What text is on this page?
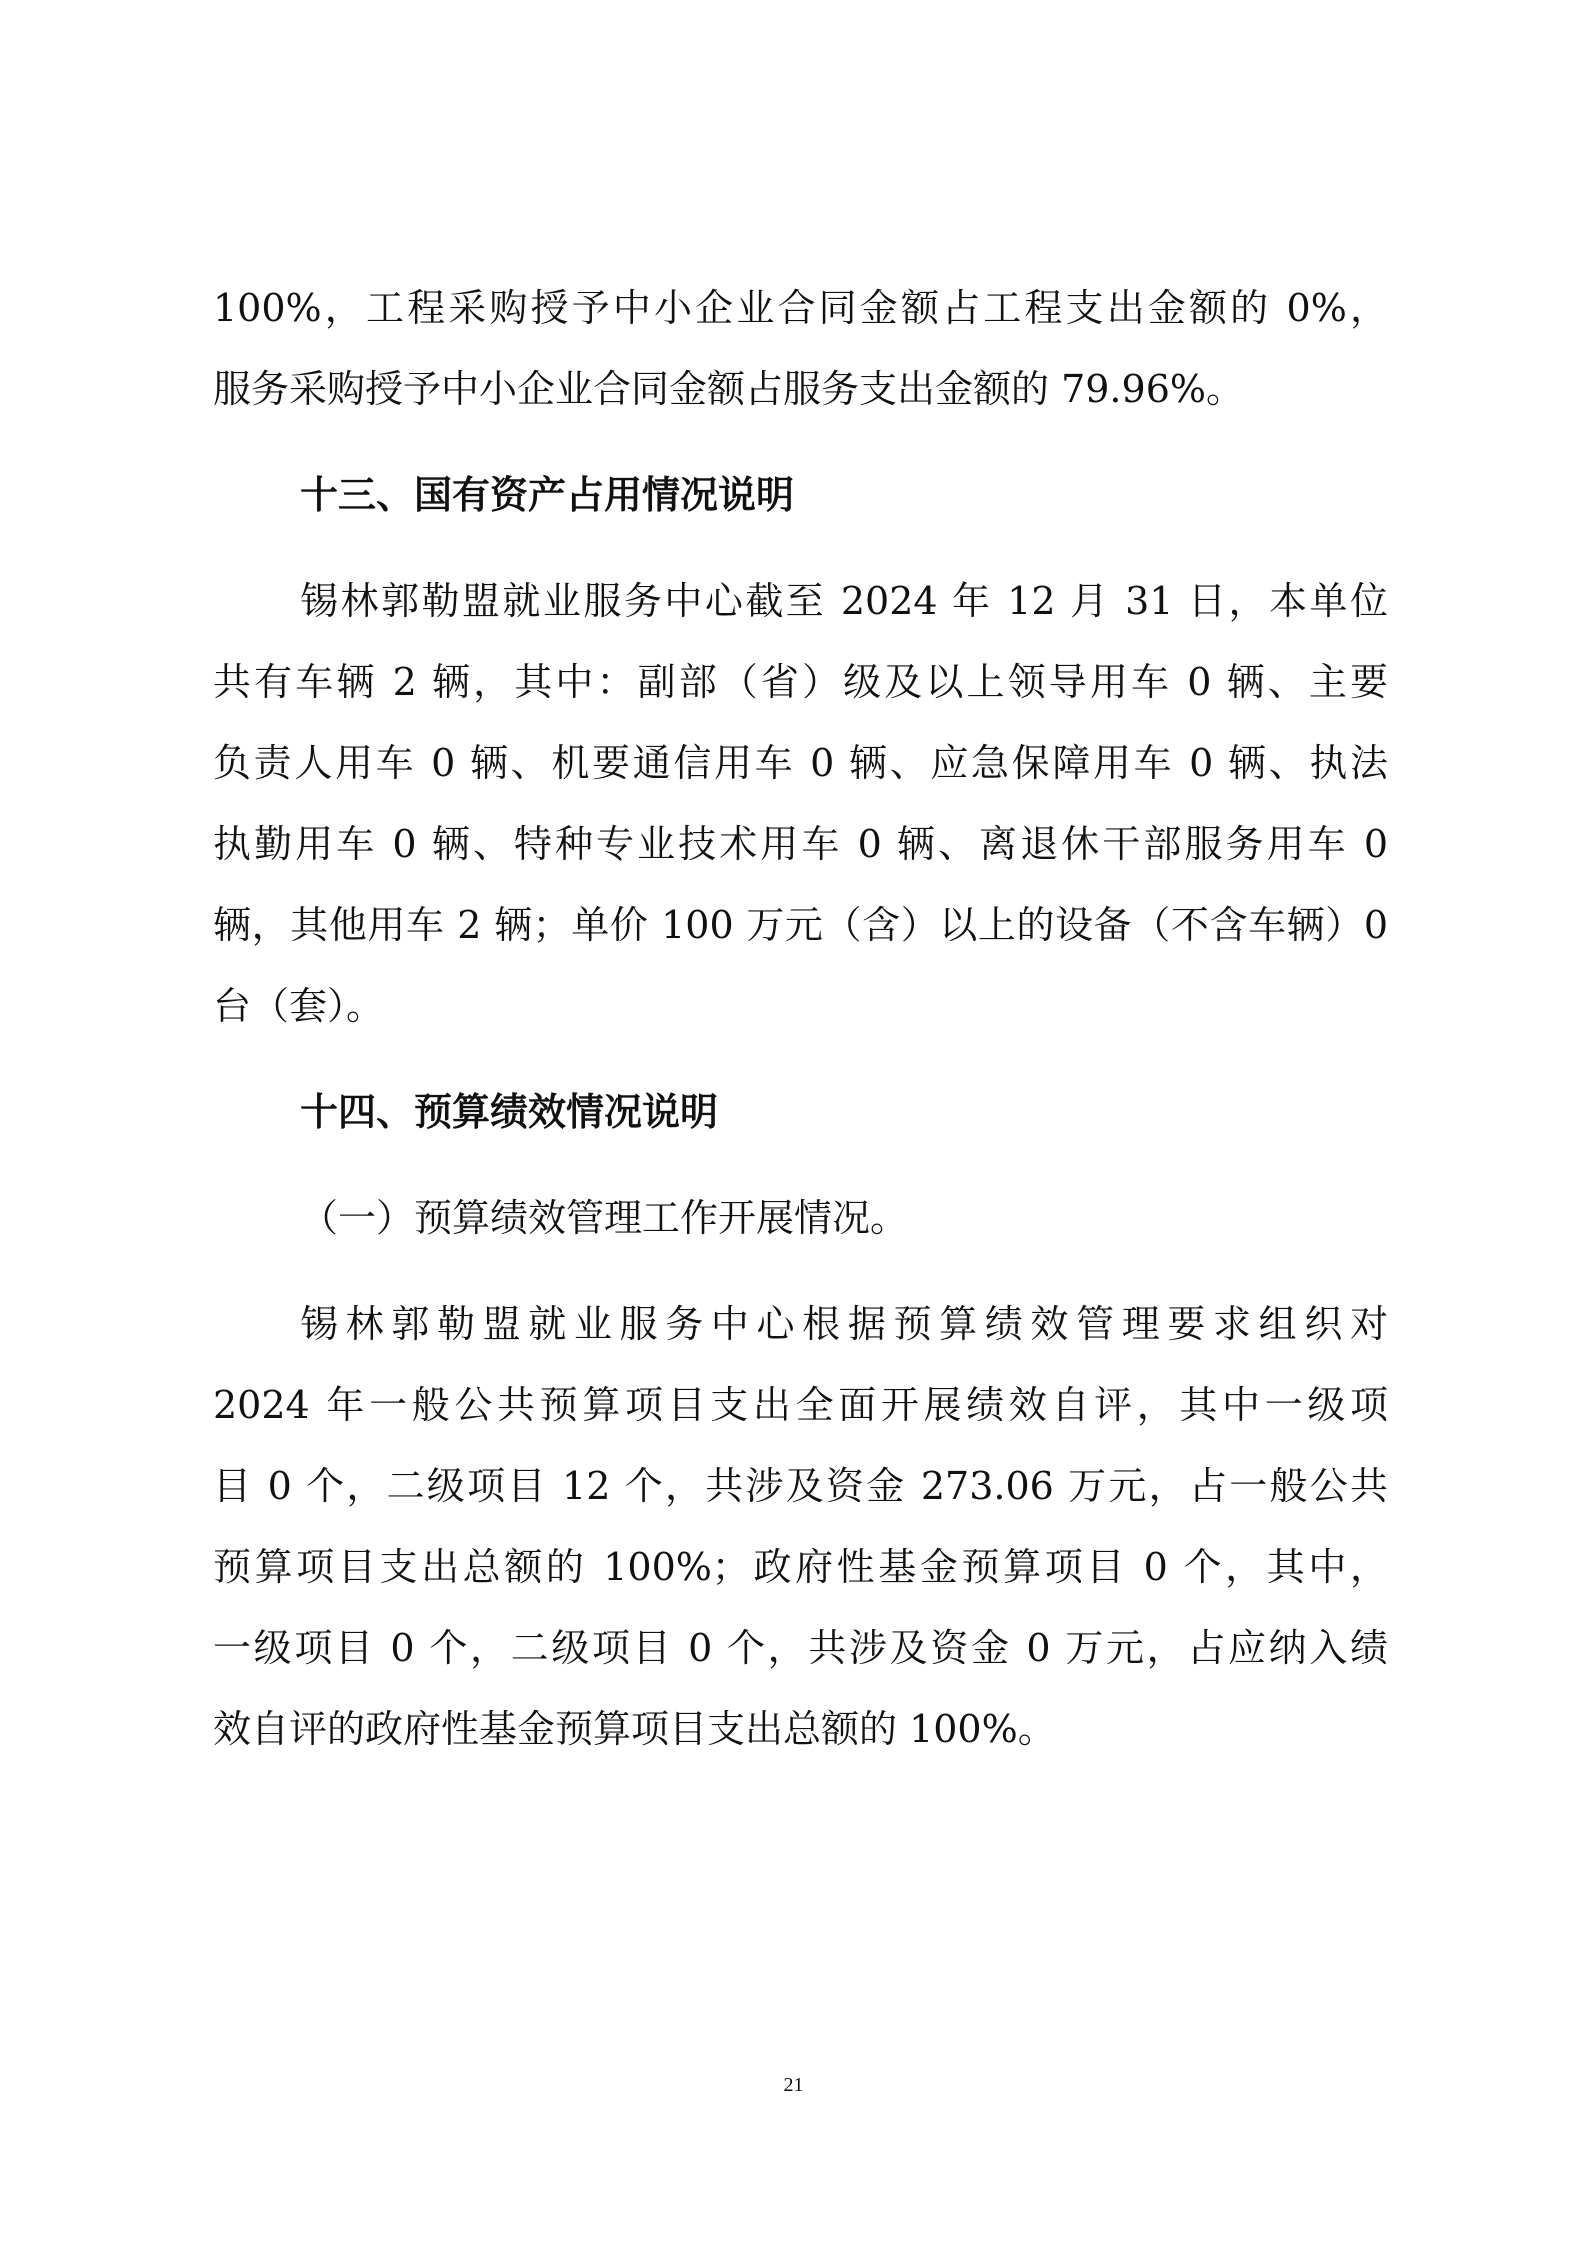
100%，工程采购授予中小企业合同金额占工程支出金额的 0%，

服务采购授予中小企业合同金额占服务支出金额的 79.96%。

十三、国有资产占用情况说明

锡林郭勒盟就业服务中心截至 2024 年 12 月 31 日，本单位

共有车辆 2 辆，其中：副部（省）级及以上领导用车 0 辆、主要

负责人用车 0 辆、机要通信用车 0 辆、应急保障用车 0 辆、执法

执勤用车 0 辆、特种专业技术用车 0 辆、离退休干部服务用车 0

辆，其他用车 2 辆；单价 100 万元（含）以上的设备（不含车辆）0

台（套）。

十四、预算绩效情况说明

（一）预算绩效管理工作开展情况。

锡林郭勒盟就业服务中心根据预算绩效管理要求组织对

2024 年一般公共预算项目支出全面开展绩效自评，其中一级项

目 0 个，二级项目 12 个，共涉及资金 273.06 万元，占一般公共

预算项目支出总额的 100%；政府性基金预算项目 0 个，其中，

一级项目 0 个，二级项目 0 个，共涉及资金 0 万元，占应纳入绩

效自评的政府性基金预算项目支出总额的 100%。

21
